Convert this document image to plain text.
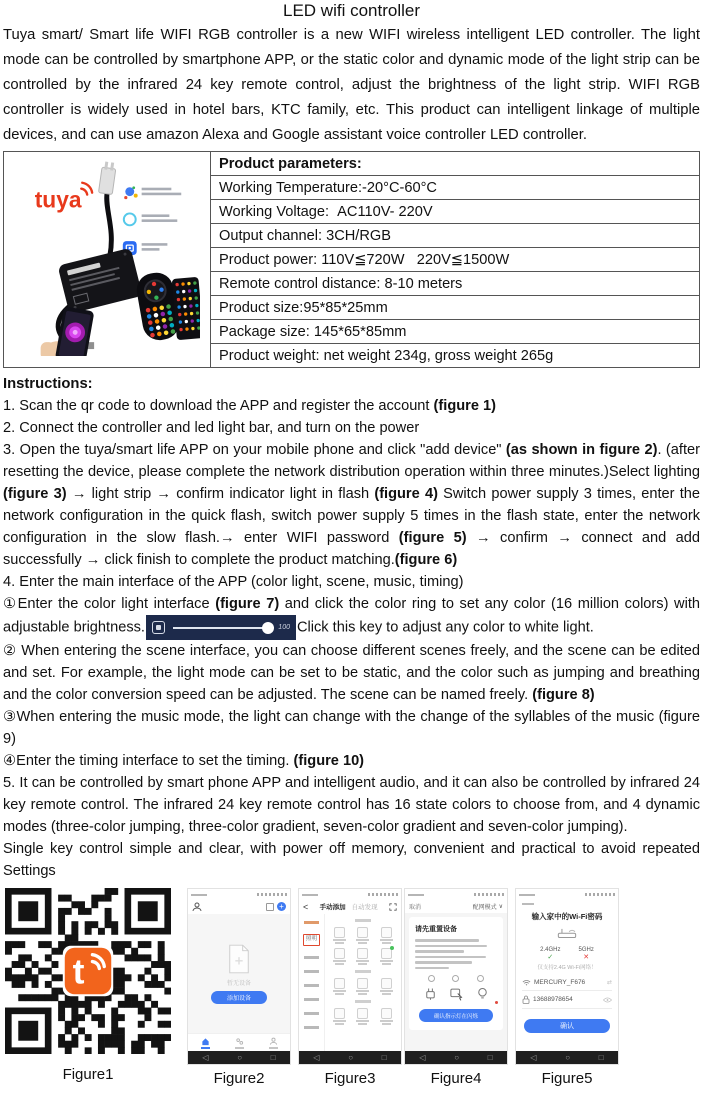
LED wifi controller

Tuya smart/ Smart life WIFI RGB controller is a new WIFI wireless intelligent LED controller. The light mode can be controlled by smartphone APP, or the static color and dynamic mode of the light strip can be controlled by the infrared 24 key remote control, adjust the brightness of the light strip. WIFI RGB controller is widely used in hotel bars, KTC family, etc. This product can intelligent linkage of multiple devices, and can use amazon Alexa and Google assistant voice controller LED controller.

tuya
	Product parameters:
Working Temperature:-20°C-60°C
Working Voltage:  AC110V- 220V
Output channel: 3CH/RGB
Product power: 110V≦720W   220V≦1500W
Remote control distance: 8-10 meters
Product size:95*85*25mm
Package size: 145*65*85mm
Product weight: net weight 234g, gross weight 265g
Instructions:

1. Scan the qr code to download the APP and register the account (figure 1)

2. Connect the controller and led light bar, and turn on the power

3. Open the tuya/smart life APP on your mobile phone and click "add device" (as shown in figure 2). (after resetting the device, please complete the network distribution operation within three minutes.)Select lighting (figure 3) → light strip → confirm indicator light in flash (figure 4) Switch power supply 3 times, enter the network configuration in the quick flash, switch power supply 5 times in the flash state, enter the network configuration in the slow flash.→ enter WIFI password (figure 5) → confirm → connect and add successfully → click finish to complete the product matching.(figure 6)

4. Enter the main interface of the APP (color light, scene, music, timing)

①Enter the color light interface (figure 7) and click the color ring to set any color (16 million colors) with adjustable brightness.	100 Click this key to adjust any color to white light.

② When entering the scene interface, you can choose different scenes freely, and the scene can be edited and set. For example, the light mode can be set to be static, and the color such as jumping and breathing and the color conversion speed can be adjusted. The scene can be named freely. (figure 8)

③When entering the music mode, the light can change with the change of the syllables of the music (figure 9)

④Enter the timing interface to set the timing. (figure 10)

5. It can be controlled by smart phone APP and intelligent audio, and it can also be controlled by infrared 24 key remote control. The infrared 24 key remote control has 16 state colors to choose from, and 4 dynamic modes (three-color jumping, three-color gradient, seven-color gradient and seven-color jumping).

Single key control simple and clear, with power off memory, convenient and practical to avoid repeated Settings

t
Figure1
+
暂无设备
添加设备
◁	○	□
Figure2
< 手动添加 自动发现
照明
◁	○	□
Figure3
取消	配网模式 ∨
请先重置设备
确认指示灯在闪烁
◁	○	□
Figure4
输入家中的Wi-Fi密码
2.4GHz
✓
5GHz
✕
仅支持2.4G Wi-Fi网络！
MERCURY_F676	⇄
13688978654
确认
◁	○	□
Figure5
